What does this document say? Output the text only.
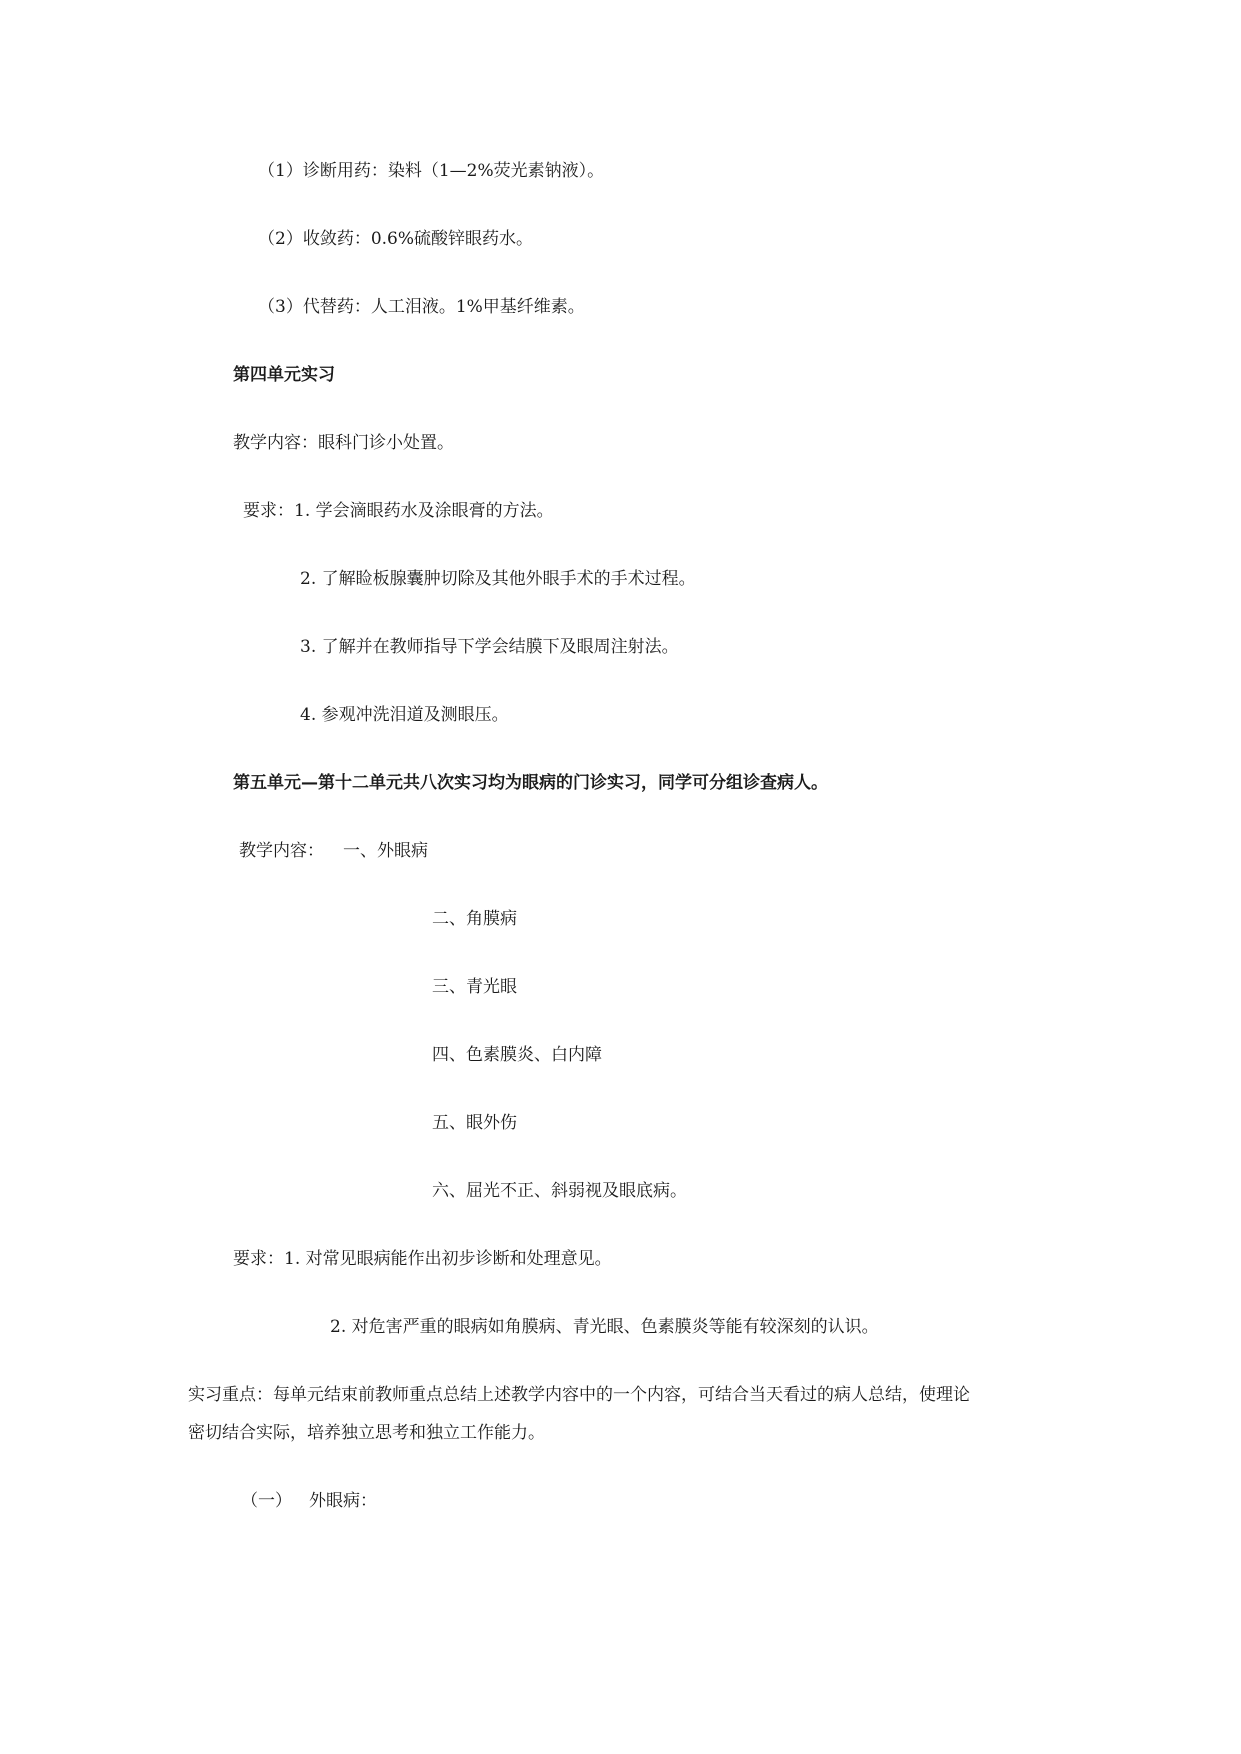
（1）诊断用药：染料（1—2%荧光素钠液）。
（2）收敛药：0.6%硫酸锌眼药水。
（3）代替药：人工泪液。1%甲基纤维素。
第四单元实习
教学内容：眼科门诊小处置。
要求：1. 学会滴眼药水及涂眼膏的方法。
2. 了解睑板腺囊肿切除及其他外眼手术的手术过程。
3. 了解并在教师指导下学会结膜下及眼周注射法。
4. 参观冲洗泪道及测眼压。
第五单元—第十二单元共八次实习均为眼病的门诊实习，同学可分组诊查病人。
教学内容： 一、外眼病
二、角膜病
三、青光眼
四、色素膜炎、白内障
五、眼外伤
六、屈光不正、斜弱视及眼底病。
要求：1. 对常见眼病能作出初步诊断和处理意见。
2. 对危害严重的眼病如角膜病、青光眼、色素膜炎等能有较深刻的认识。
实习重点：每单元结束前教师重点总结上述教学内容中的一个内容，可结合当天看过的病人总结，使理论
密切结合实际，培养独立思考和独立工作能力。
（一） 外眼病：
